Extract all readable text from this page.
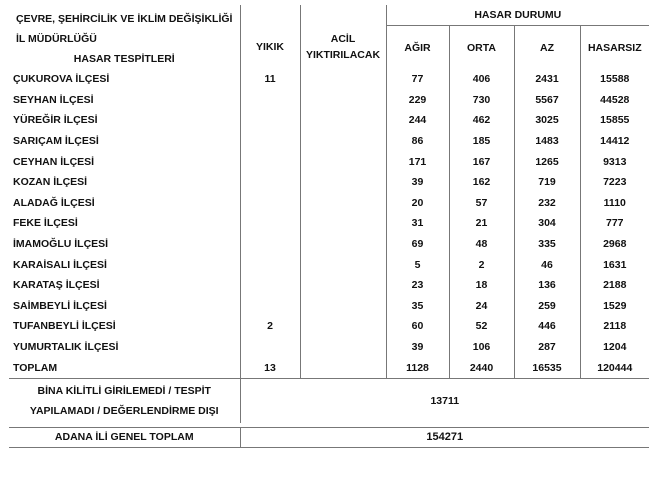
ÇEVRE, ŞEHİRCİLİK VE İKLİM DEĞİŞİKLİĞİ
İL MÜDÜRLÜĞÜ
HASAR TESPİTLERİ			HASAR DURUMU			
	YIKIK	ACİL
YIKTIRILACAK	AĞIR	ORTA	AZ	HASARSIZ

ÇUKUROVA İLÇESİ	11		77	406	2431	15588
SEYHAN İLÇESİ			229	730	5567	44528
YÜREĞİR İLÇESİ			244	462	3025	15855
SARIÇAM İLÇESİ			86	185	1483	14412
CEYHAN İLÇESİ			171	167	1265	9313
KOZAN İLÇESİ			39	162	719	7223
ALADAĞ İLÇESİ			20	57	232	1110
FEKE İLÇESİ			31	21	304	777
İMAMOĞLU İLÇESİ			69	48	335	2968
KARAİSALI İLÇESİ			5	2	46	1631
KARATAŞ İLÇESİ			23	18	136	2188
SAİMBEYLİ İLÇESİ			35	24	259	1529
TUFANBEYLİ İLÇESİ	2		60	52	446	2118
YUMURTALIK İLÇESİ			39	106	287	1204
TOPLAM	13		1128	2440	16535	120444

BİNA KİLİTLİ GİRİLEMEDİ / TESPİT
YAPILAMADI / DEĞERLENDİRME DIŞI	13711					

ADANA İLİ GENEL TOPLAM	154271					
